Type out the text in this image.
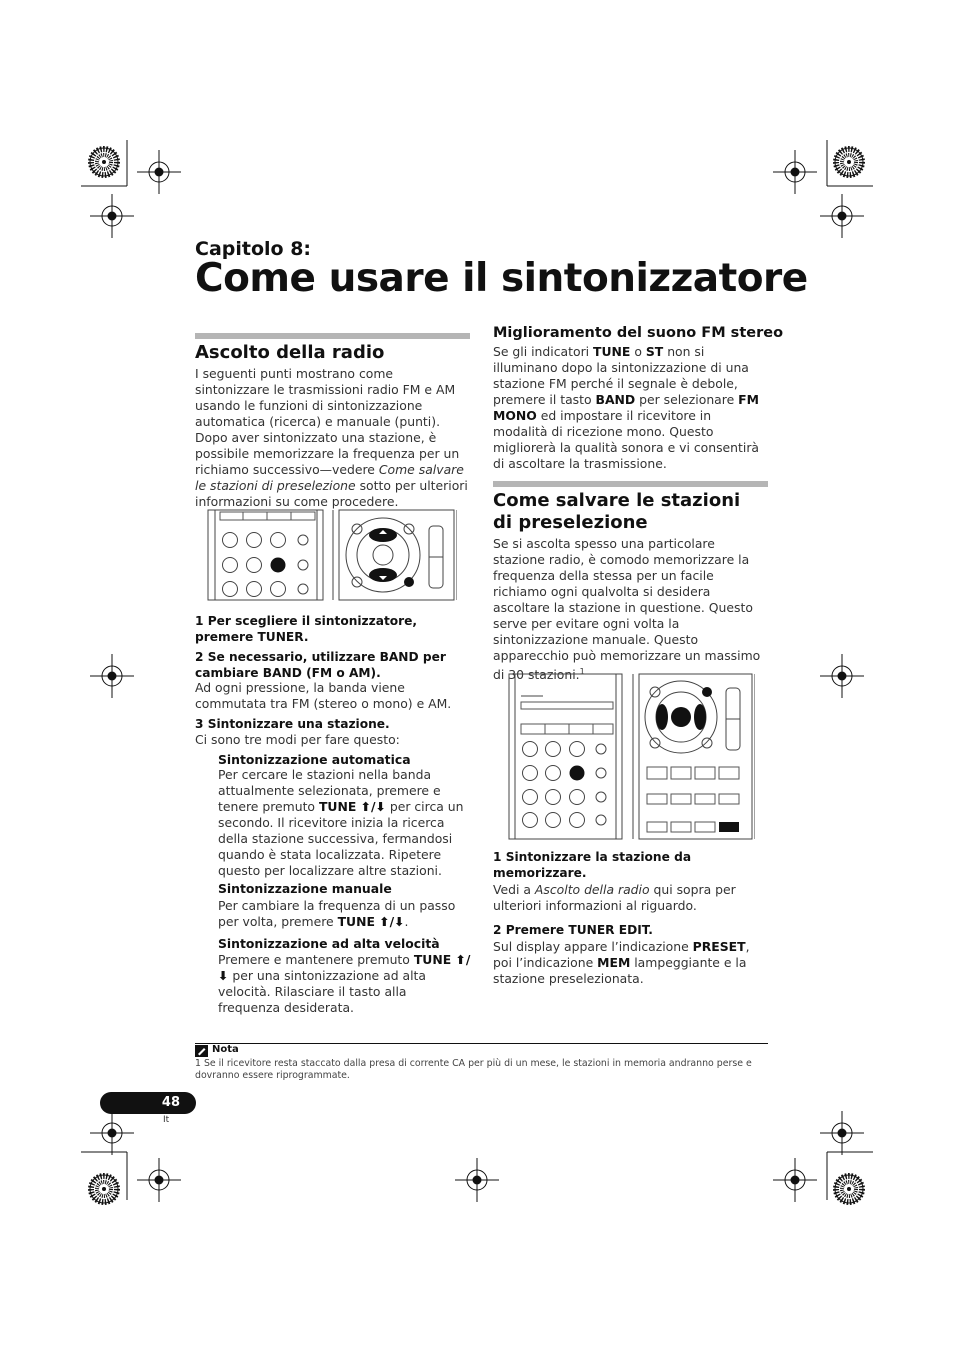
Capitolo 8:
Come usare il sintonizzatore
Ascolto della radio
I seguenti punti mostrano come sintonizzare le trasmissioni radio FM e AM usando le funzioni di sintonizzazione automatica (ricerca) e manuale (punti). Dopo aver sintonizzato una stazione, è possibile memorizzare la frequenza per un richiamo successivo—vedere Come salvare le stazioni di preselezione sotto per ulteriori informazioni su come procedere.
1 Per scegliere il sintonizzatore, premere TUNER.
2 Se necessario, utilizzare BAND per cambiare BAND (FM o AM).
Ad ogni pressione, la banda viene commutata tra FM (stereo o mono) e AM.
3 Sintonizzare una stazione.
Ci sono tre modi per fare questo:
Sintonizzazione automatica
Per cercare le stazioni nella banda attualmente selezionata, premere e tenere premuto TUNE ⬆/⬇ per circa un secondo. Il ricevitore inizia la ricerca della stazione successiva, fermandosi quando è stata localizzata. Ripetere questo per localizzare altre stazioni.
Sintonizzazione manuale
Per cambiare la frequenza di un passo per volta, premere TUNE ⬆/⬇.
Sintonizzazione ad alta velocità
Premere e mantenere premuto TUNE ⬆/⬇ per una sintonizzazione ad alta velocità. Rilasciare il tasto alla frequenza desiderata.
Miglioramento del suono FM stereo
Se gli indicatori TUNE o ST non si illuminano dopo la sintonizzazione di una stazione FM perché il segnale è debole, premere il tasto BAND per selezionare FM MONO ed impostare il ricevitore in modalità di ricezione mono. Questo migliorerà la qualità sonora e vi consentirà di ascoltare la trasmissione.
Come salvare le stazioni di preselezione
Se si ascolta spesso una particolare stazione radio, è comodo memorizzare la frequenza della stessa per un facile richiamo ogni qualvolta si desidera ascoltare la stazione in questione. Questo serve per evitare ogni volta la sintonizzazione manuale. Questo apparecchio può memorizzare un massimo di 30 stazioni.$^1$
1 Sintonizzare la stazione da memorizzare.
Vedi a Ascolto della radio qui sopra per ulteriori informazioni al riguardo.
2 Premere TUNER EDIT.
Sul display appare l’indicazione PRESET, poi l’indicazione MEM lampeggiante e la stazione preselezionata.
Nota
1 Se il ricevitore resta staccato dalla presa di corrente CA per più di un mese, le stazioni in memoria andranno perse e dovranno essere riprogrammate.
48
It
